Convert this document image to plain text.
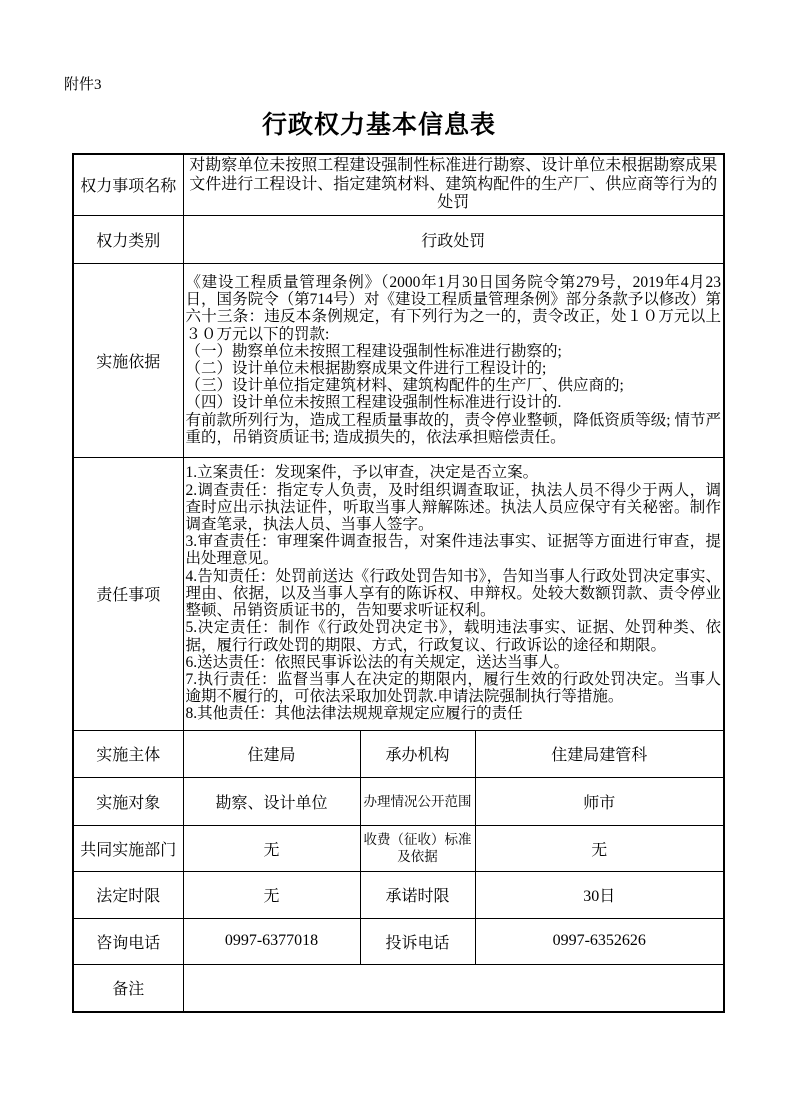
附件3
行政权力基本信息表
权力事项名称	对勘察单位未按照工程建设强制性标准进行勘察、设计单位未根据勘察成果文件进行工程设计、指定建筑材料、建筑构配件的生产厂、供应商等行为的处罚		
权力类别	行政处罚		
实施依据	
《建设工程质量管理条例》（2000年1月30日国务院令第279号，2019年4月23日，国务院令（第714号）对《建设工程质量管理条例》部分条款予以修改）第六十三条：违反本条例规定，有下列行为之一的，责令改正，处１０万元以上３０万元以下的罚款:
（一）勘察单位未按照工程建设强制性标准进行勘察的;
（二）设计单位未根据勘察成果文件进行工程设计的;
（三）设计单位指定建筑材料、建筑构配件的生产厂、供应商的;
（四）设计单位未按照工程建设强制性标准进行设计的.
有前款所列行为，造成工程质量事故的，责令停业整顿，降低资质等级; 情节严重的，吊销资质证书; 造成损失的，依法承担赔偿责任。

责任事项	
1.立案责任：发现案件，予以审查，决定是否立案。
2.调查责任：指定专人负责，及时组织调查取证，执法人员不得少于两人，调查时应出示执法证件，听取当事人辩解陈述。执法人员应保守有关秘密。制作调查笔录，执法人员、当事人签字。
3.审查责任：审理案件调查报告，对案件违法事实、证据等方面进行审查，提出处理意见。
4.告知责任：处罚前送达《行政处罚告知书》，告知当事人行政处罚决定事实、理由、依据，以及当事人享有的陈诉权、申辩权。处较大数额罚款、责令停业整顿、吊销资质证书的，告知要求听证权利。
5.决定责任：制作《行政处罚决定书》，载明违法事实、证据、处罚种类、依据，履行行政处罚的期限、方式，行政复议、行政诉讼的途径和期限。
6.送达责任：依照民事诉讼法的有关规定，送达当事人。
7.执行责任：监督当事人在决定的期限内，履行生效的行政处罚决定。当事人逾期不履行的，可依法采取加处罚款.申请法院强制执行等措施。
8.其他责任：其他法律法规规章规定应履行的责任

实施主体	住建局	承办机构	住建局建管科
实施对象	勘察、设计单位	办理情况公开范围	师市
共同实施部门	无	收费（征收）标准及依据	无
法定时限	无	承诺时限	30日
咨询电话	0997-6377018	投诉电话	0997-6352626
备注			
